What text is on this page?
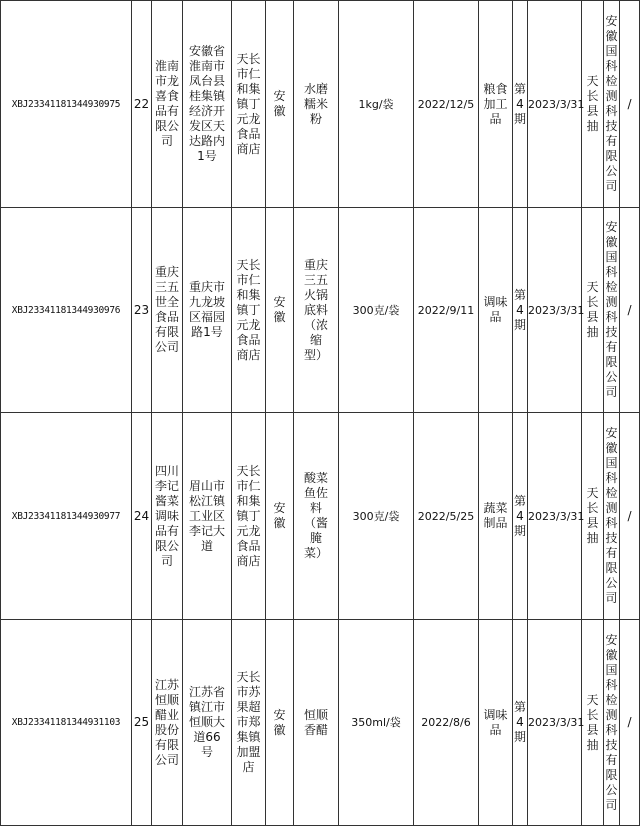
XBJ23341181344930975	22	淮南市龙喜食品有限公司	安徽省淮南市凤台县桂集镇经济开发区天达路内1号	天长市仁和集镇丁元龙食品商店	安徽	水磨糯米粉	1kg/袋	2022/12/5	粮食加工品	第4期	2023/3/31	天长县抽	安徽国科检测科技有限公司	/
XBJ23341181344930976	23	重庆三五世全食品有限公司	重庆市九龙坡区福园路1号	天长市仁和集镇丁元龙食品商店	安徽	重庆三五火锅底料（浓缩型）	300克/袋	2022/9/11	调味品	第4期	2023/3/31	天长县抽	安徽国科检测科技有限公司	/
XBJ23341181344930977	24	四川李记酱菜调味品有限公司	眉山市松江镇工业区李记大道	天长市仁和集镇丁元龙食品商店	安徽	酸菜鱼佐料（酱腌菜）	300克/袋	2022/5/25	蔬菜制品	第4期	2023/3/31	天长县抽	安徽国科检测科技有限公司	/
XBJ23341181344931103	25	江苏恒顺醋业股份有限公司	江苏省镇江市恒顺大道66号	天长市苏果超市郑集镇加盟店	安徽	恒顺香醋	350ml/袋	2022/8/6	调味品	第4期	2023/3/31	天长县抽	安徽国科检测科技有限公司	/
